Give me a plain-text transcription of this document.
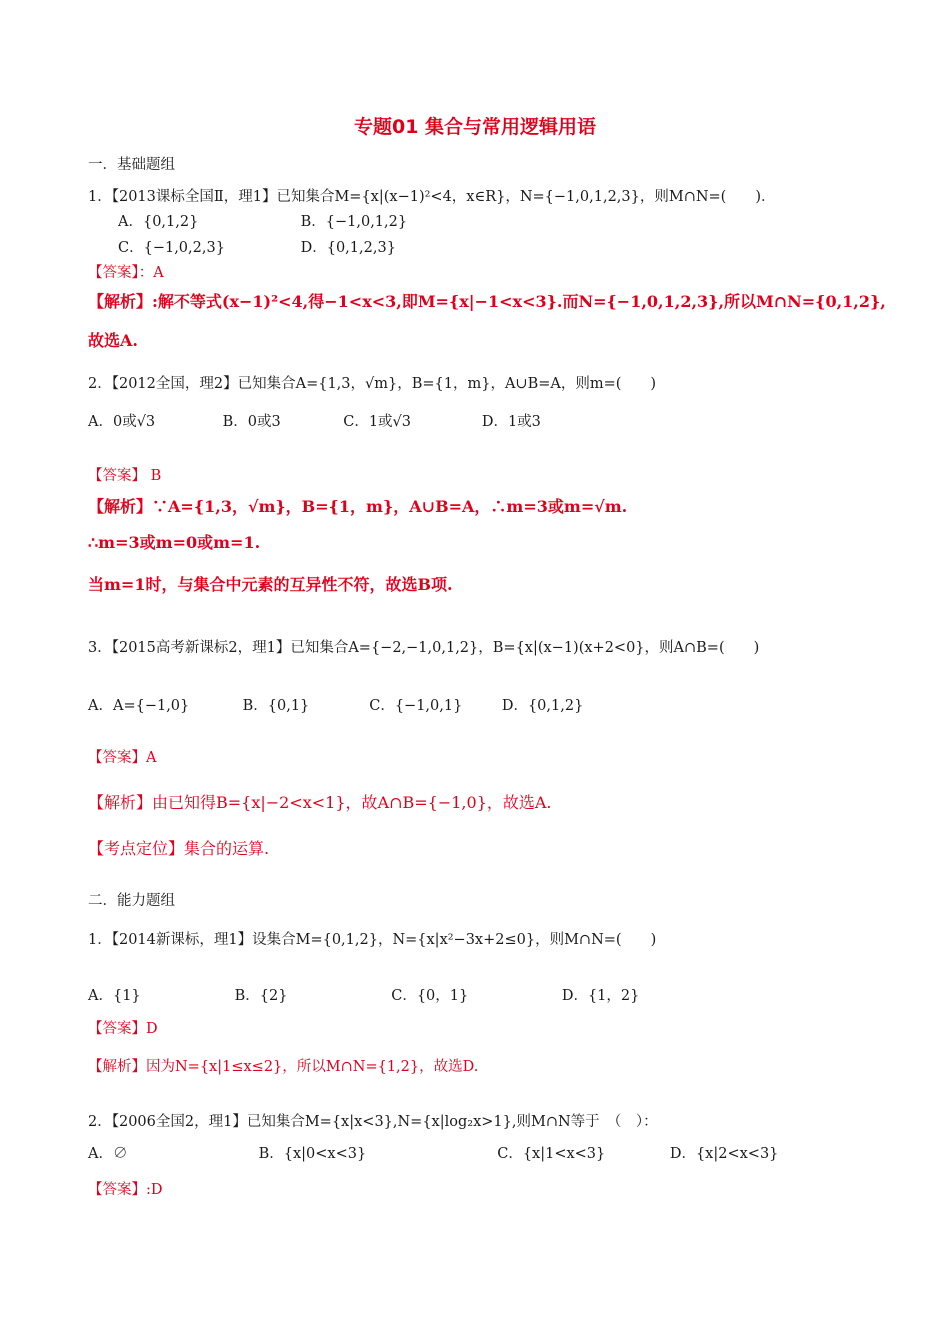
专题01 集合与常用逻辑用语
一．基础题组
1．【2013课标全国Ⅱ，理1】已知集合M={x|(x−1)²<4，x∈R}，N={−1,0,1,2,3}，则M∩N=(　　)．
A．{0,1,2}	B．{−1,0,1,2}
C．{−1,0,2,3}	D．{0,1,2,3}
【答案】：A
【解析】:解不等式(x−1)²<4,得−1<x<3,即M={x|−1<x<3}.而N={−1,0,1,2,3},所以M∩N={0,1,2},
故选A.
2．【2012全国，理2】已知集合A={1,3，√m}，B={1，m}，A∪B=A，则m=(　　)
A．0或√3	B．0或3	C．1或√3	D．1或3
【答案】 B
【解析】∵A={1,3，√m}，B={1，m}，A∪B=A，∴m=3或m=√m.
∴m=3或m=0或m=1.
当m=1时，与集合中元素的互异性不符，故选B项.
3．【2015高考新课标2，理1】已知集合A={−2,−1,0,1,2}，B={x|(x−1)(x+2<0}，则A∩B=(　　)
A．A={−1,0}	B．{0,1}	C．{−1,0,1}	D．{0,1,2}
【答案】A
【解析】由已知得B={x|−2<x<1}，故A∩B={−1,0}，故选A.
【考点定位】集合的运算.
二．能力题组
1．【2014新课标，理1】设集合M={0,1,2}，N={x|x²−3x+2≤0}，则M∩N=(　　)
A．{1}	B．{2}	C．{0，1}	D．{1，2}
【答案】D
【解析】因为N={x|1≤x≤2}，所以M∩N={1,2}，故选D.
2．【2006全国2，理1】已知集合M={x|x<3},N={x|log₂x>1},则M∩N等于　（　）：
A．∅	B．{x|0<x<3}	C．{x|1<x<3}	D．{x|2<x<3}
【答案】:D
